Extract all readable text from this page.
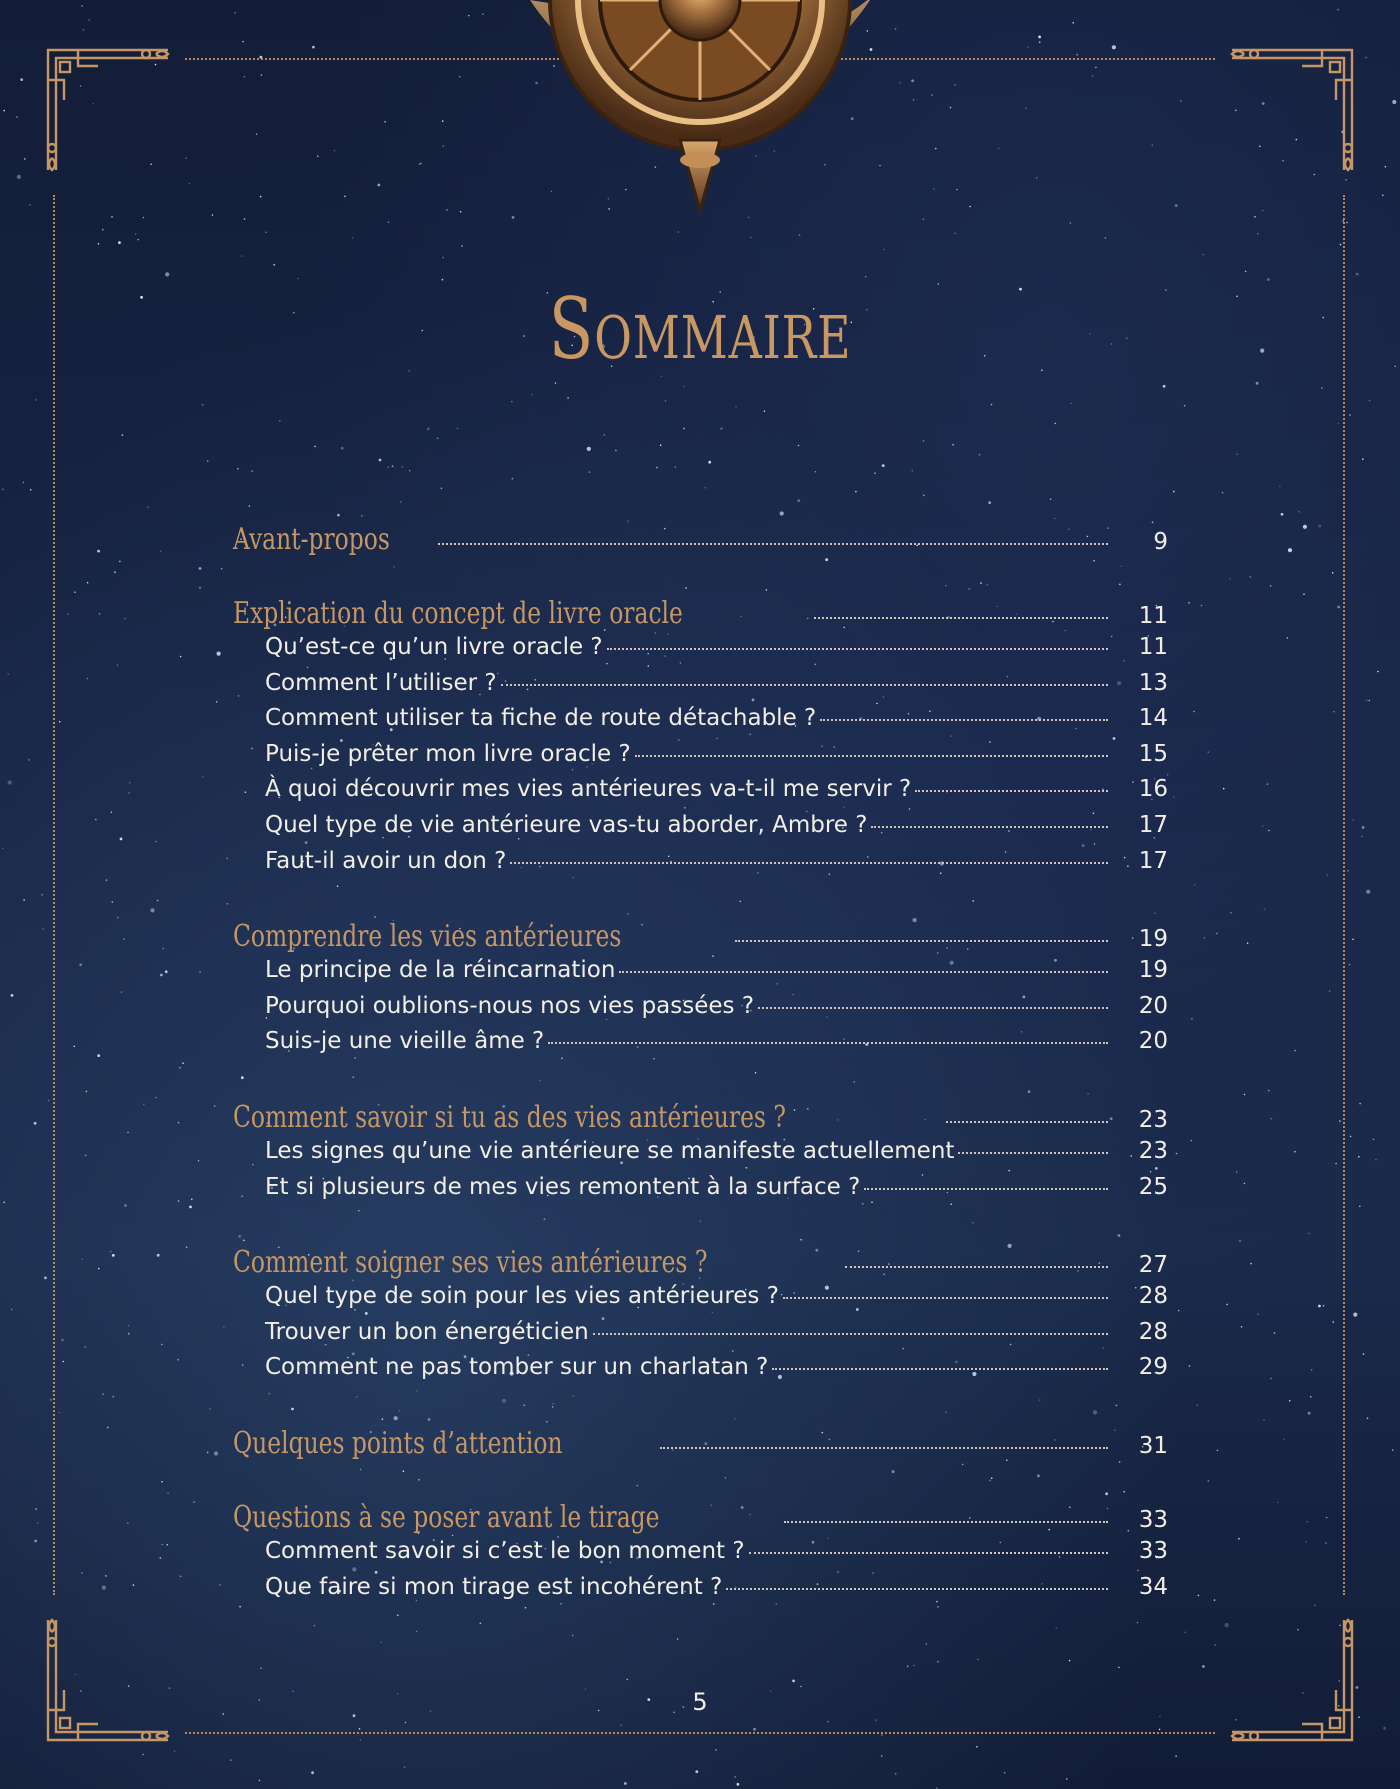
Sommaire
Avant-propos	9
Explication du concept de livre oracle	11
Qu’est-ce qu’un livre oracle ?	11
Comment l’utiliser ?	13
Comment utiliser ta fiche de route détachable ?	14
Puis-je prêter mon livre oracle ?	15
À quoi découvrir mes vies antérieures va-t-il me servir ?	16
Quel type de vie antérieure vas-tu aborder, Ambre ?	17
Faut-il avoir un don ?	17
Comprendre les vies antérieures	19
Le principe de la réincarnation	19
Pourquoi oublions-nous nos vies passées ?	20
Suis-je une vieille âme ?	20
Comment savoir si tu as des vies antérieures ?	23
Les signes qu’une vie antérieure se manifeste actuellement	23
Et si plusieurs de mes vies remontent à la surface ?	25
Comment soigner ses vies antérieures ?	27
Quel type de soin pour les vies antérieures ?	28
Trouver un bon énergéticien	28
Comment ne pas tomber sur un charlatan ?	29
Quelques points d’attention	31
Questions à se poser avant le tirage	33
Comment savoir si c’est le bon moment ?	33
Que faire si mon tirage est incohérent ?	34
5
